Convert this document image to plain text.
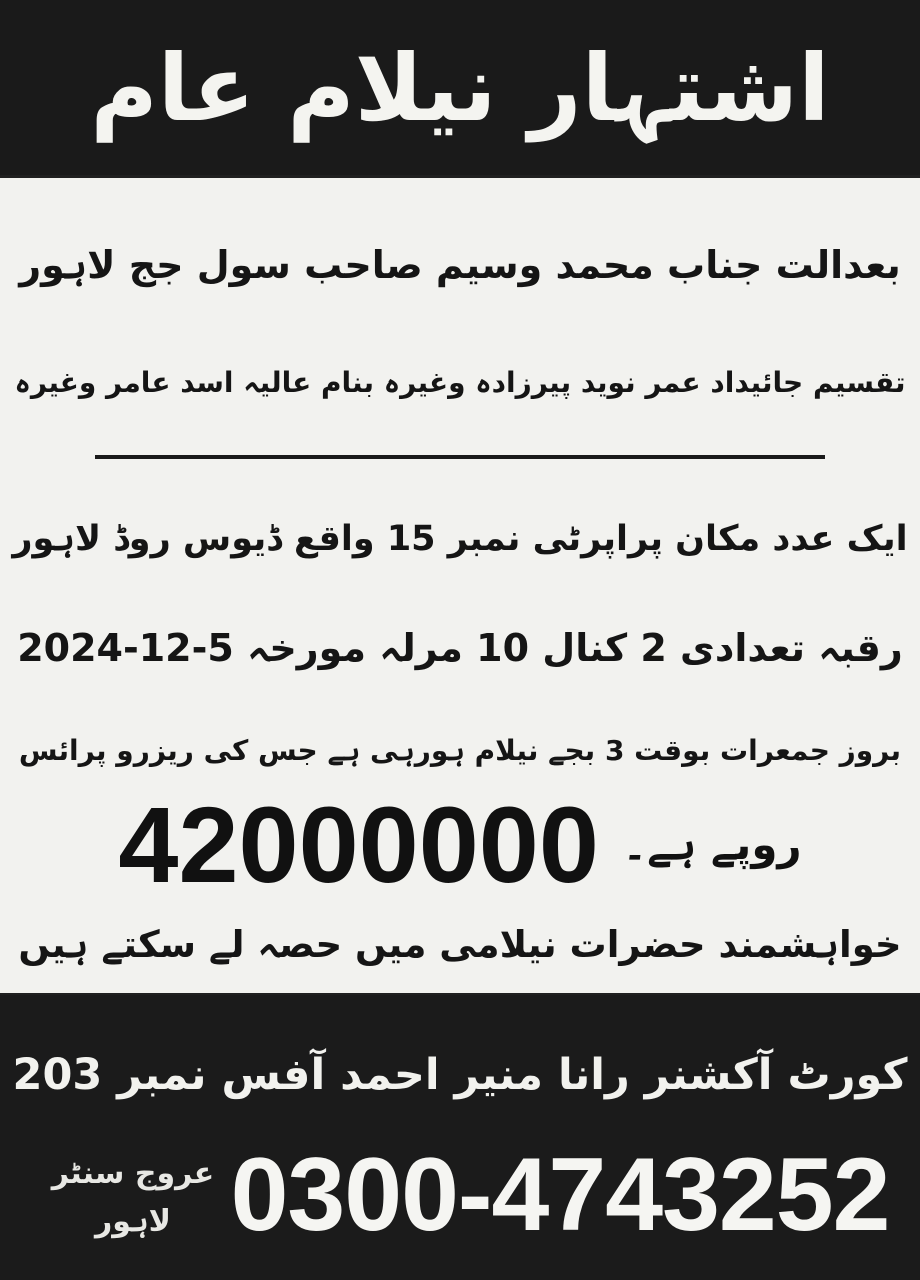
اشتہار نیلام عام
بعدالت جناب محمد وسیم صاحب سول جج لاہور
تقسیم جائیداد عمر نوید پیرزادہ وغیرہ بنام عالیہ اسد عامر وغیرہ
ایک عدد مکان پراپرٹی نمبر 15 واقع ڈیوس روڈ لاہور
رقبہ تعدادی 2 کنال 10 مرلہ مورخہ 5-12-2024
بروز جمعرات بوقت 3 بجے نیلام ہورہی ہے جس کی ریزرو پرائس
42000000 روپے ہے۔
خواہشمند حضرات نیلامی میں حصہ لے سکتے ہیں
کورٹ آکشنر رانا منیر احمد آفس نمبر 203
عروج سنٹر لاہور 0300-4743252
